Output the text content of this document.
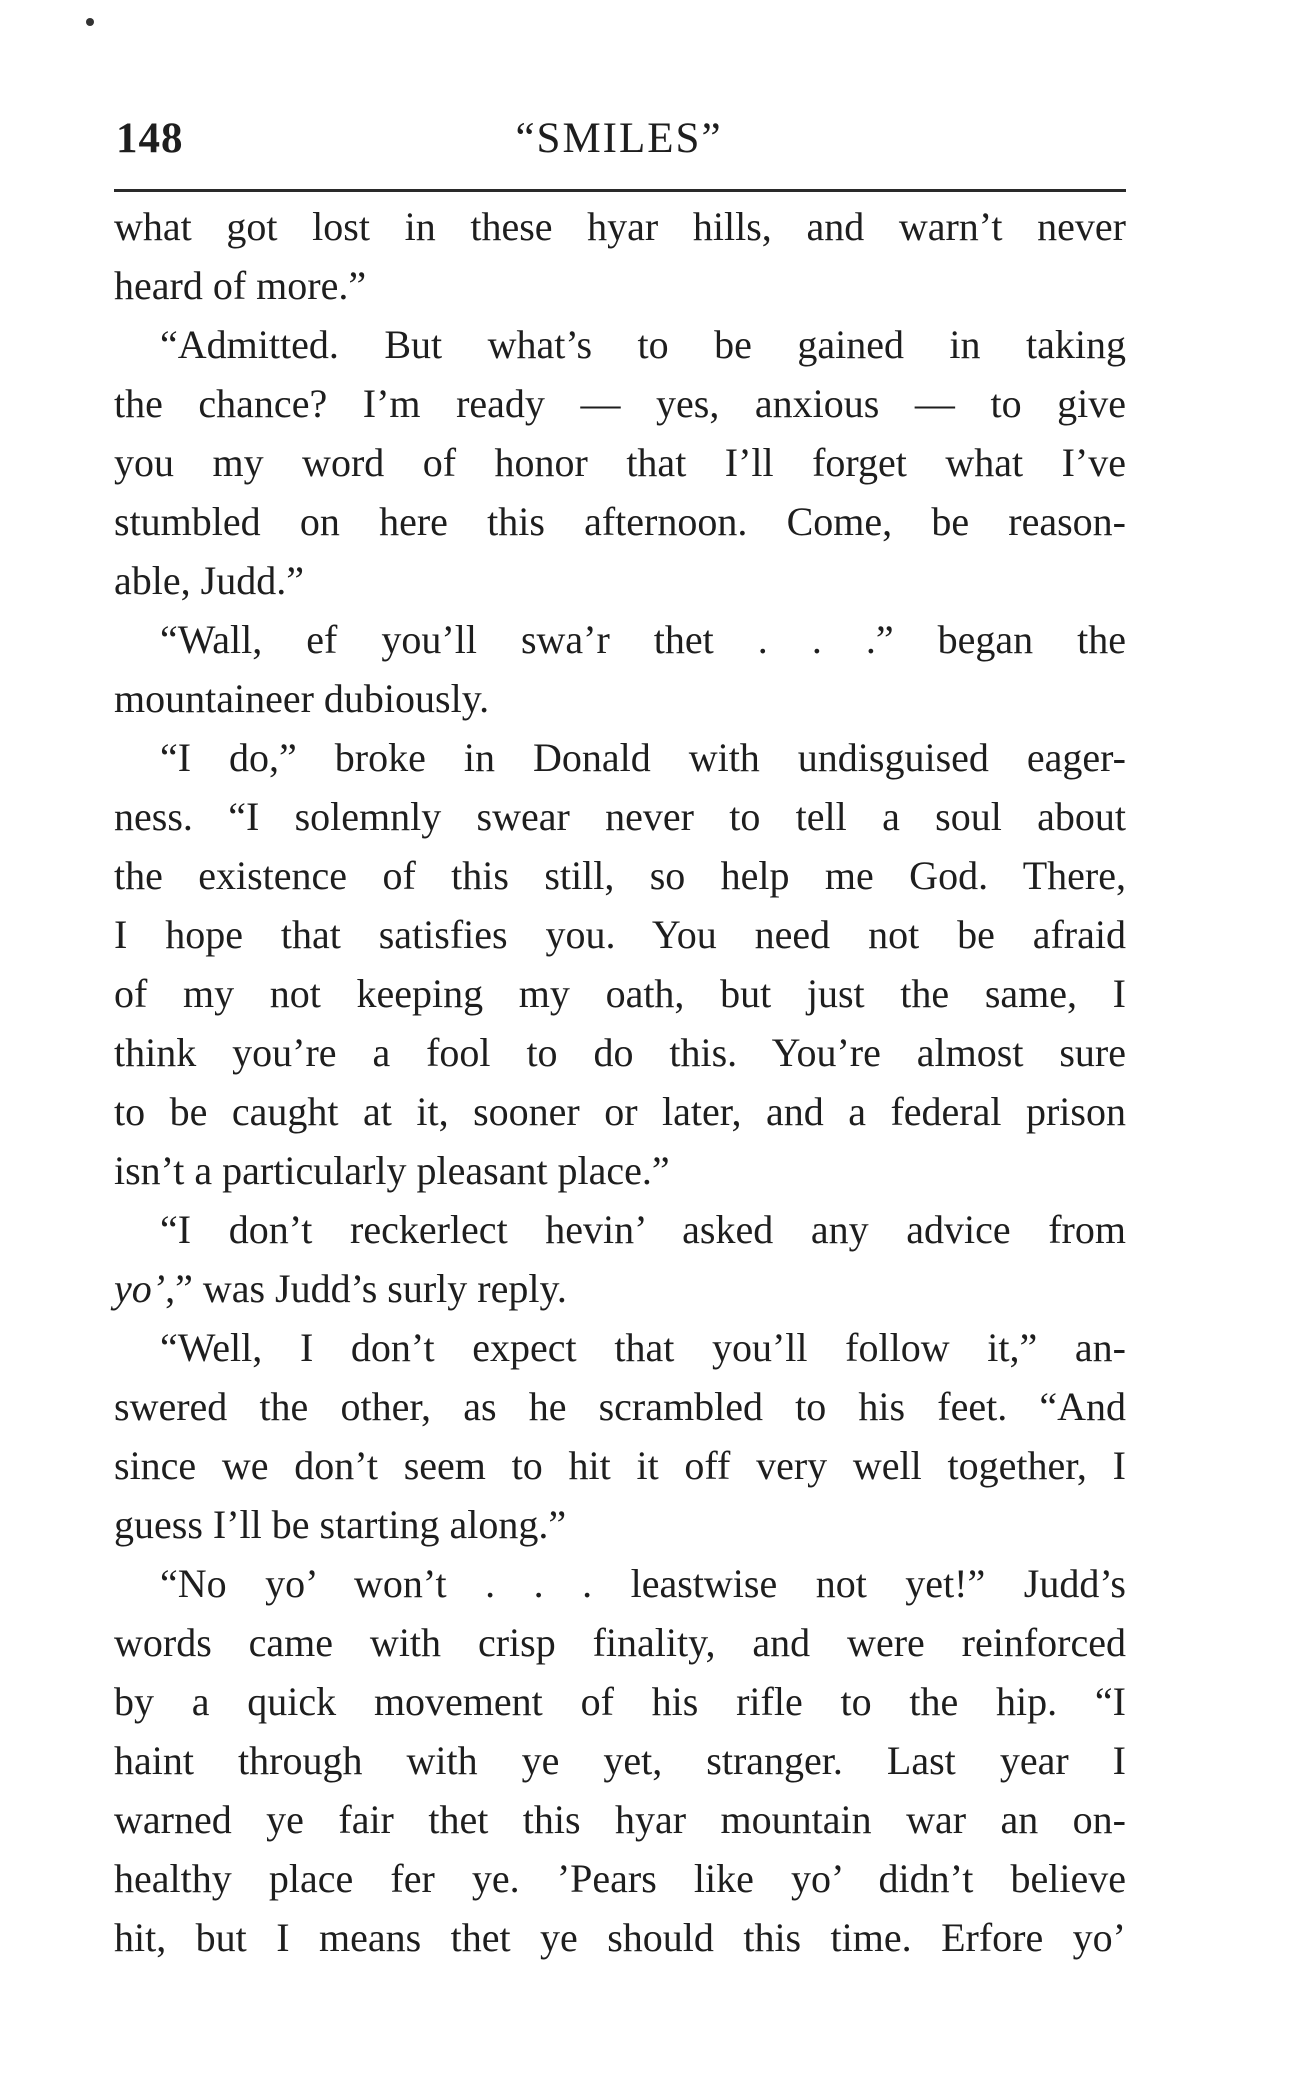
148	“SMILES”
what got lost in these hyar hills, and warn’t never
heard of more.”
“Admitted. But what’s to be gained in taking
the chance? I’m ready — yes, anxious — to give
you my word of honor that I’ll forget what I’ve
stumbled on here this afternoon. Come, be reason-
able, Judd.”
“Wall, ef you’ll swa’r thet . . .” began the
mountaineer dubiously.
“I do,” broke in Donald with undisguised eager-
ness. “I solemnly swear never to tell a soul about
the existence of this still, so help me God. There,
I hope that satisfies you. You need not be afraid
of my not keeping my oath, but just the same, I
think you’re a fool to do this. You’re almost sure
to be caught at it, sooner or later, and a federal prison
isn’t a particularly pleasant place.”
“I don’t reckerlect hevin’ asked any advice from
yo’,” was Judd’s surly reply.
“Well, I don’t expect that you’ll follow it,” an-
swered the other, as he scrambled to his feet. “And
since we don’t seem to hit it off very well together, I
guess I’ll be starting along.”
“No yo’ won’t . . . leastwise not yet!” Judd’s
words came with crisp finality, and were reinforced
by a quick movement of his rifle to the hip. “I
haint through with ye yet, stranger. Last year I
warned ye fair thet this hyar mountain war an on-
healthy place fer ye. ’Pears like yo’ didn’t believe
hit, but I means thet ye should this time. Erfore yo’
